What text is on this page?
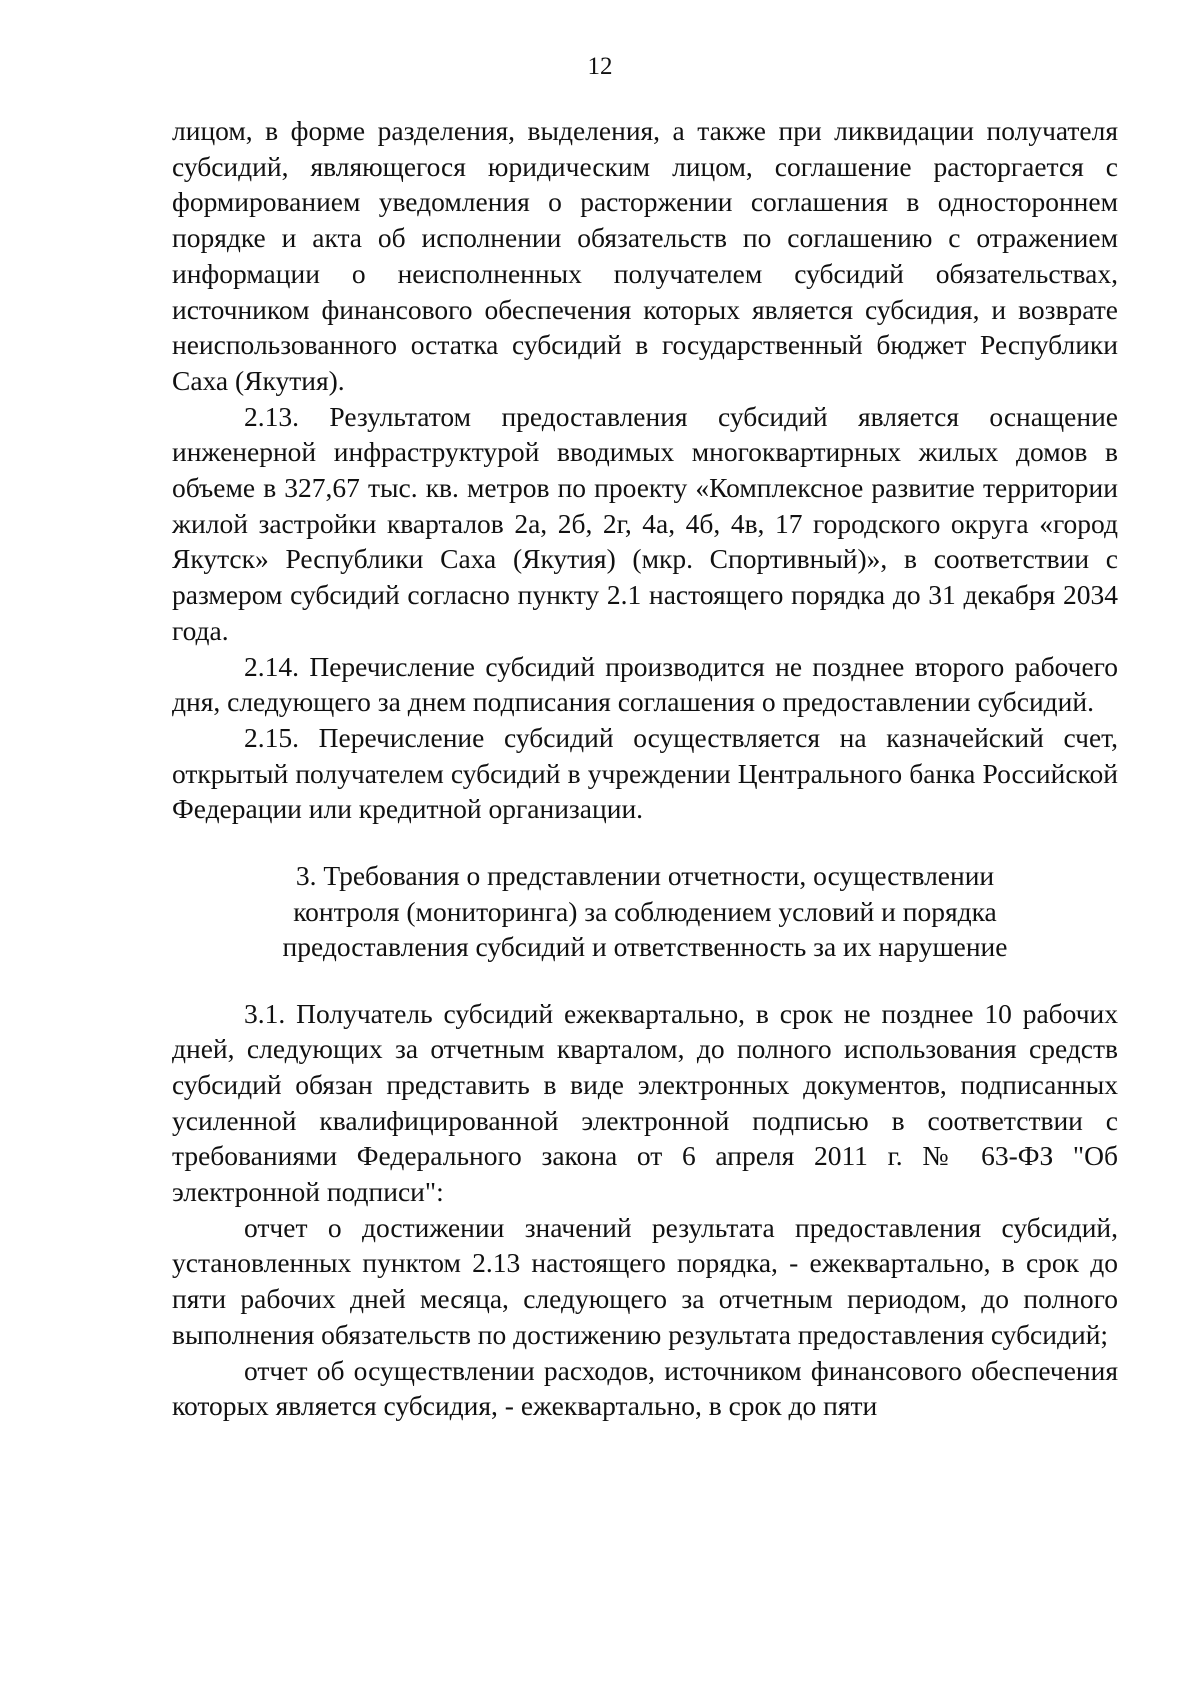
12

лицом, в форме разделения, выделения, а также при ликвидации получателя субсидий, являющегося юридическим лицом, соглашение расторгается с формированием уведомления о расторжении соглашения в одностороннем порядке и акта об исполнении обязательств по соглашению с отражением информации о неисполненных получателем субсидий обязательствах, источником финансового обеспечения которых является субсидия, и возврате неиспользованного остатка субсидий в государственный бюджет Республики Саха (Якутия).

2.13. Результатом предоставления субсидий является оснащение инженерной инфраструктурой вводимых многоквартирных жилых домов в объеме в 327,67 тыс. кв. метров по проекту «Комплексное развитие территории жилой застройки кварталов 2а, 2б, 2г, 4а, 4б, 4в, 17 городского округа «город Якутск» Республики Саха (Якутия) (мкр. Спортивный)», в соответствии с размером субсидий согласно пункту 2.1 настоящего порядка до 31 декабря 2034 года.

2.14. Перечисление субсидий производится не позднее второго рабочего дня, следующего за днем подписания соглашения о предоставлении субсидий.

2.15. Перечисление субсидий осуществляется на казначейский счет, открытый получателем субсидий в учреждении Центрального банка Российской Федерации или кредитной организации.

3. Требования о представлении отчетности, осуществлении
контроля (мониторинга) за соблюдением условий и порядка
предоставления субсидий и ответственность за их нарушение

3.1. Получатель субсидий ежеквартально, в срок не позднее 10 рабочих дней, следующих за отчетным кварталом, до полного использования средств субсидий обязан представить в виде электронных документов, подписанных усиленной квалифицированной электронной подписью в соответствии с требованиями Федерального закона от 6 апреля 2011 г. № 63-ФЗ "Об электронной подписи":

отчет о достижении значений результата предоставления субсидий, установленных пунктом 2.13 настоящего порядка, - ежеквартально, в срок до пяти рабочих дней месяца, следующего за отчетным периодом, до полного выполнения обязательств по достижению результата предоставления субсидий;

отчет об осуществлении расходов, источником финансового обеспечения которых является субсидия, - ежеквартально, в срок до пяти
